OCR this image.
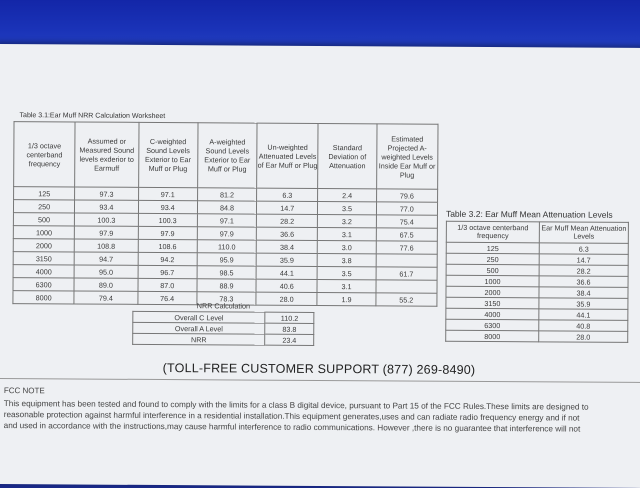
Table 3.1:Ear Muff NRR Calculation Worksheet
1/3 octave centerband frequency	Assumed or Measured Sound levels exderior to Earmuff	C-weighted Sound Levels Exterior to Ear Muff or Plug	A-weighted Sound Levels Exterior to Ear Muff or Plug	Un-weighted Attenuated Levels of Ear Muff or Plug	Standard Deviation of Attenuation	Estimated Projected A-weighted Levels Inside Ear Muff or Plug
125	97.3	97.1	81.2	6.3	2.4	79.6
250	93.4	93.4	84.8	14.7	3.5	77.0
500	100.3	100.3	97.1	28.2	3.2	75.4
1000	97.9	97.9	97.9	36.6	3.1	67.5
2000	108.8	108.6	110.0	38.4	3.0	77.6
3150	94.7	94.2	95.9	35.9	3.8	
4000	95.0	96.7	98.5	44.1	3.5	61.7
6300	89.0	87.0	88.9	40.6	3.1	
8000	79.4	76.4	78.3	28.0	1.9	55.2
NRR Calculation	
Overall C Level	110.2
Overall A Level	83.8
NRR	23.4
Table 3.2: Ear Muff Mean Attenuation Levels
1/3 octave centerband frequency	Ear Muff Mean Attenuation Levels
125	6.3
250	14.7
500	28.2
1000	36.6
2000	38.4
3150	35.9
4000	44.1
6300	40.8
8000	28.0
(TOLL-FREE CUSTOMER SUPPORT (877) 269-8490)
FCC NOTE
This equipment has been tested and found to comply with the limits for a class B digital device, pursuant to Part 15 of the FCC Rules.These limits are designed to
reasonable protection against harmful interference in a residential installation.This equipment generates,uses and can radiate radio frequency energy and if not
and used in accordance with the instructions,may cause harmful interference to radio communications. However ,there is no guarantee that interference will not
